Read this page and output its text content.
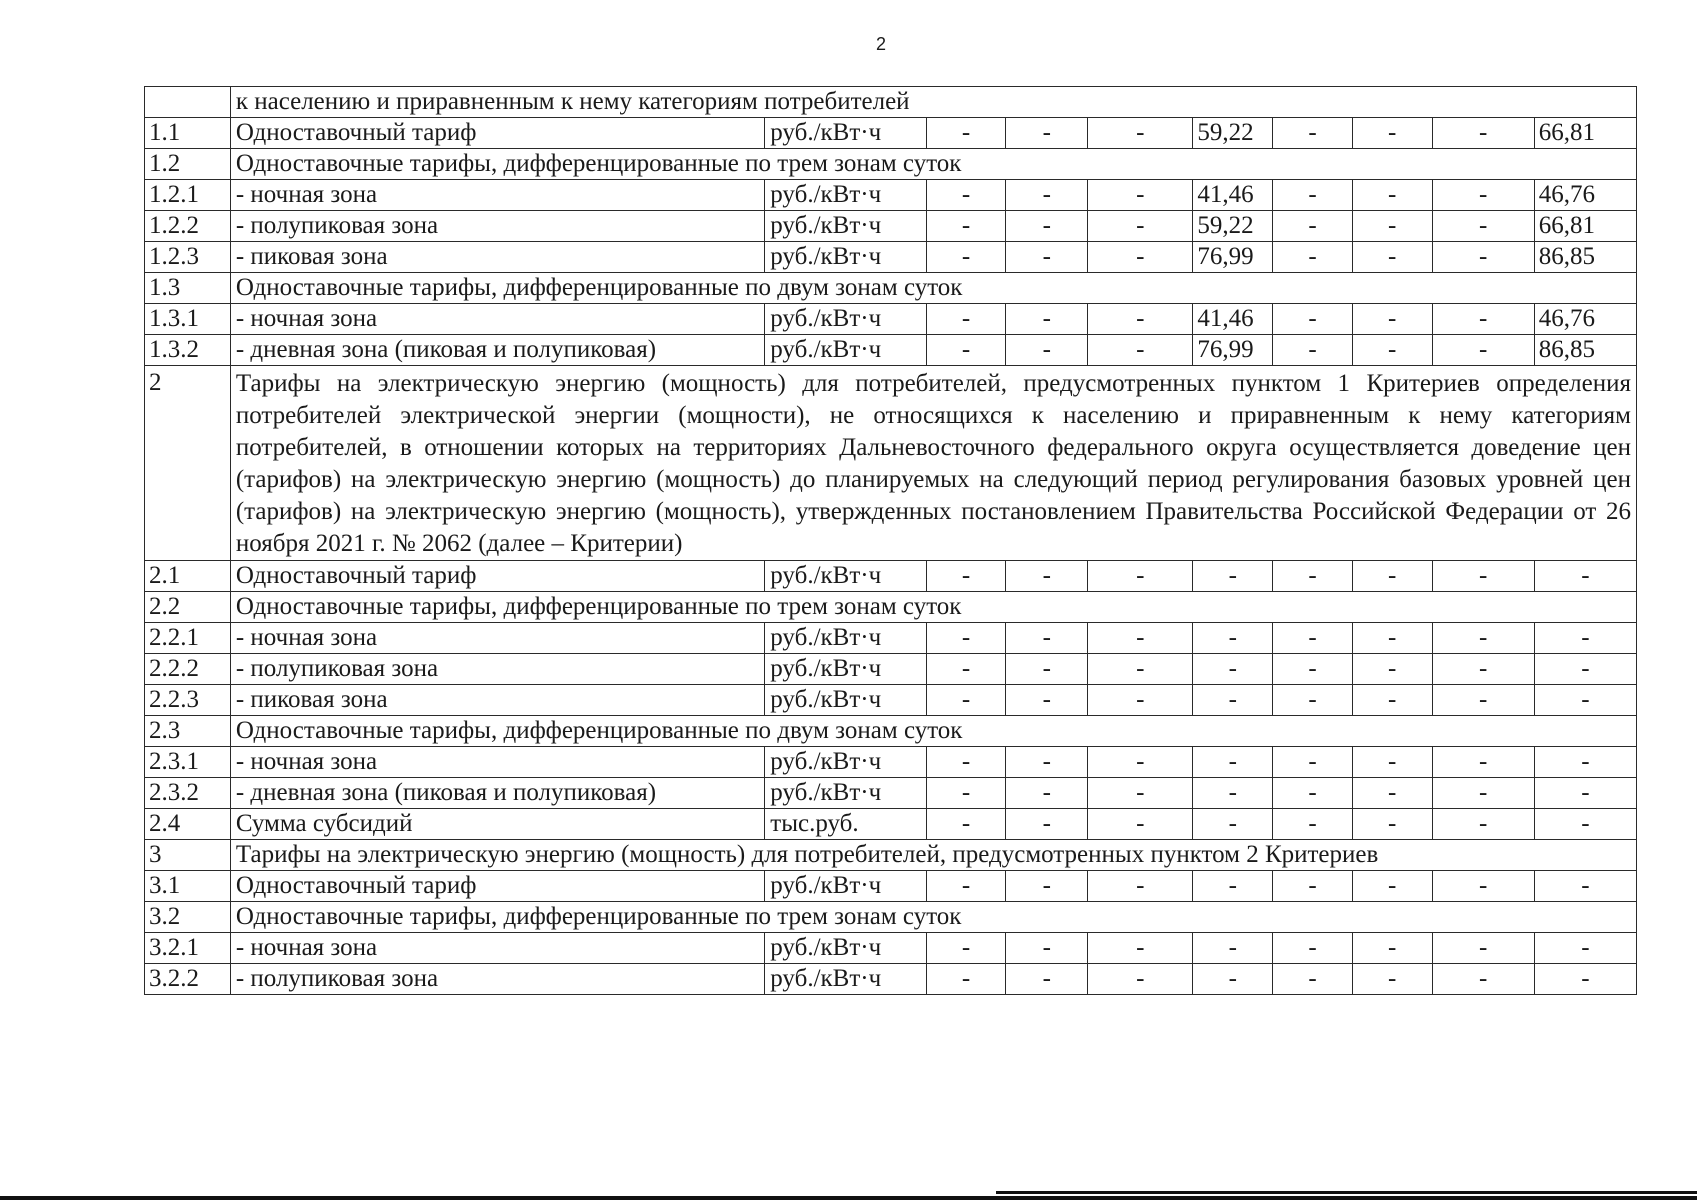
2
	к населению и приравненным к нему категориям потребителей									
1.1	Одноставочный тариф	руб./кВт·ч	-	-	-	59,22	-	-	-	66,81
1.2	Одноставочные тарифы, дифференцированные по трем зонам суток									
1.2.1	- ночная зона	руб./кВт·ч	-	-	-	41,46	-	-	-	46,76
1.2.2	- полупиковая зона	руб./кВт·ч	-	-	-	59,22	-	-	-	66,81
1.2.3	- пиковая зона	руб./кВт·ч	-	-	-	76,99	-	-	-	86,85
1.3	Одноставочные тарифы, дифференцированные по двум зонам суток									
1.3.1	- ночная зона	руб./кВт·ч	-	-	-	41,46	-	-	-	46,76
1.3.2	- дневная зона (пиковая и полупиковая)	руб./кВт·ч	-	-	-	76,99	-	-	-	86,85
2	Тарифы на электрическую энергию (мощность) для потребителей, предусмотренных пунктом 1 Критериев определения потребителей электрической энергии (мощности), не относящихся к населению и приравненным к нему категориям потребителей, в отношении которых на территориях Дальневосточного федерального округа осуществляется доведение цен (тарифов) на электрическую энергию (мощность) до планируемых на следующий период регулирования базовых уровней цен (тарифов) на электрическую энергию (мощность), утвержденных постановлением Правительства Российской Федерации от 26 ноября 2021 г. № 2062 (далее – Критерии)									
2.1	Одноставочный тариф	руб./кВт·ч	-	-	-	-	-	-	-	-
2.2	Одноставочные тарифы, дифференцированные по трем зонам суток									
2.2.1	- ночная зона	руб./кВт·ч	-	-	-	-	-	-	-	-
2.2.2	- полупиковая зона	руб./кВт·ч	-	-	-	-	-	-	-	-
2.2.3	- пиковая зона	руб./кВт·ч	-	-	-	-	-	-	-	-
2.3	Одноставочные тарифы, дифференцированные по двум зонам суток									
2.3.1	- ночная зона	руб./кВт·ч	-	-	-	-	-	-	-	-
2.3.2	- дневная зона (пиковая и полупиковая)	руб./кВт·ч	-	-	-	-	-	-	-	-
2.4	Сумма субсидий	тыс.руб.	-	-	-	-	-	-	-	-
3	Тарифы на электрическую энергию (мощность) для потребителей, предусмотренных пунктом 2 Критериев									
3.1	Одноставочный тариф	руб./кВт·ч	-	-	-	-	-	-	-	-
3.2	Одноставочные тарифы, дифференцированные по трем зонам суток									
3.2.1	- ночная зона	руб./кВт·ч	-	-	-	-	-	-	-	-
3.2.2	- полупиковая зона	руб./кВт·ч	-	-	-	-	-	-	-	-
